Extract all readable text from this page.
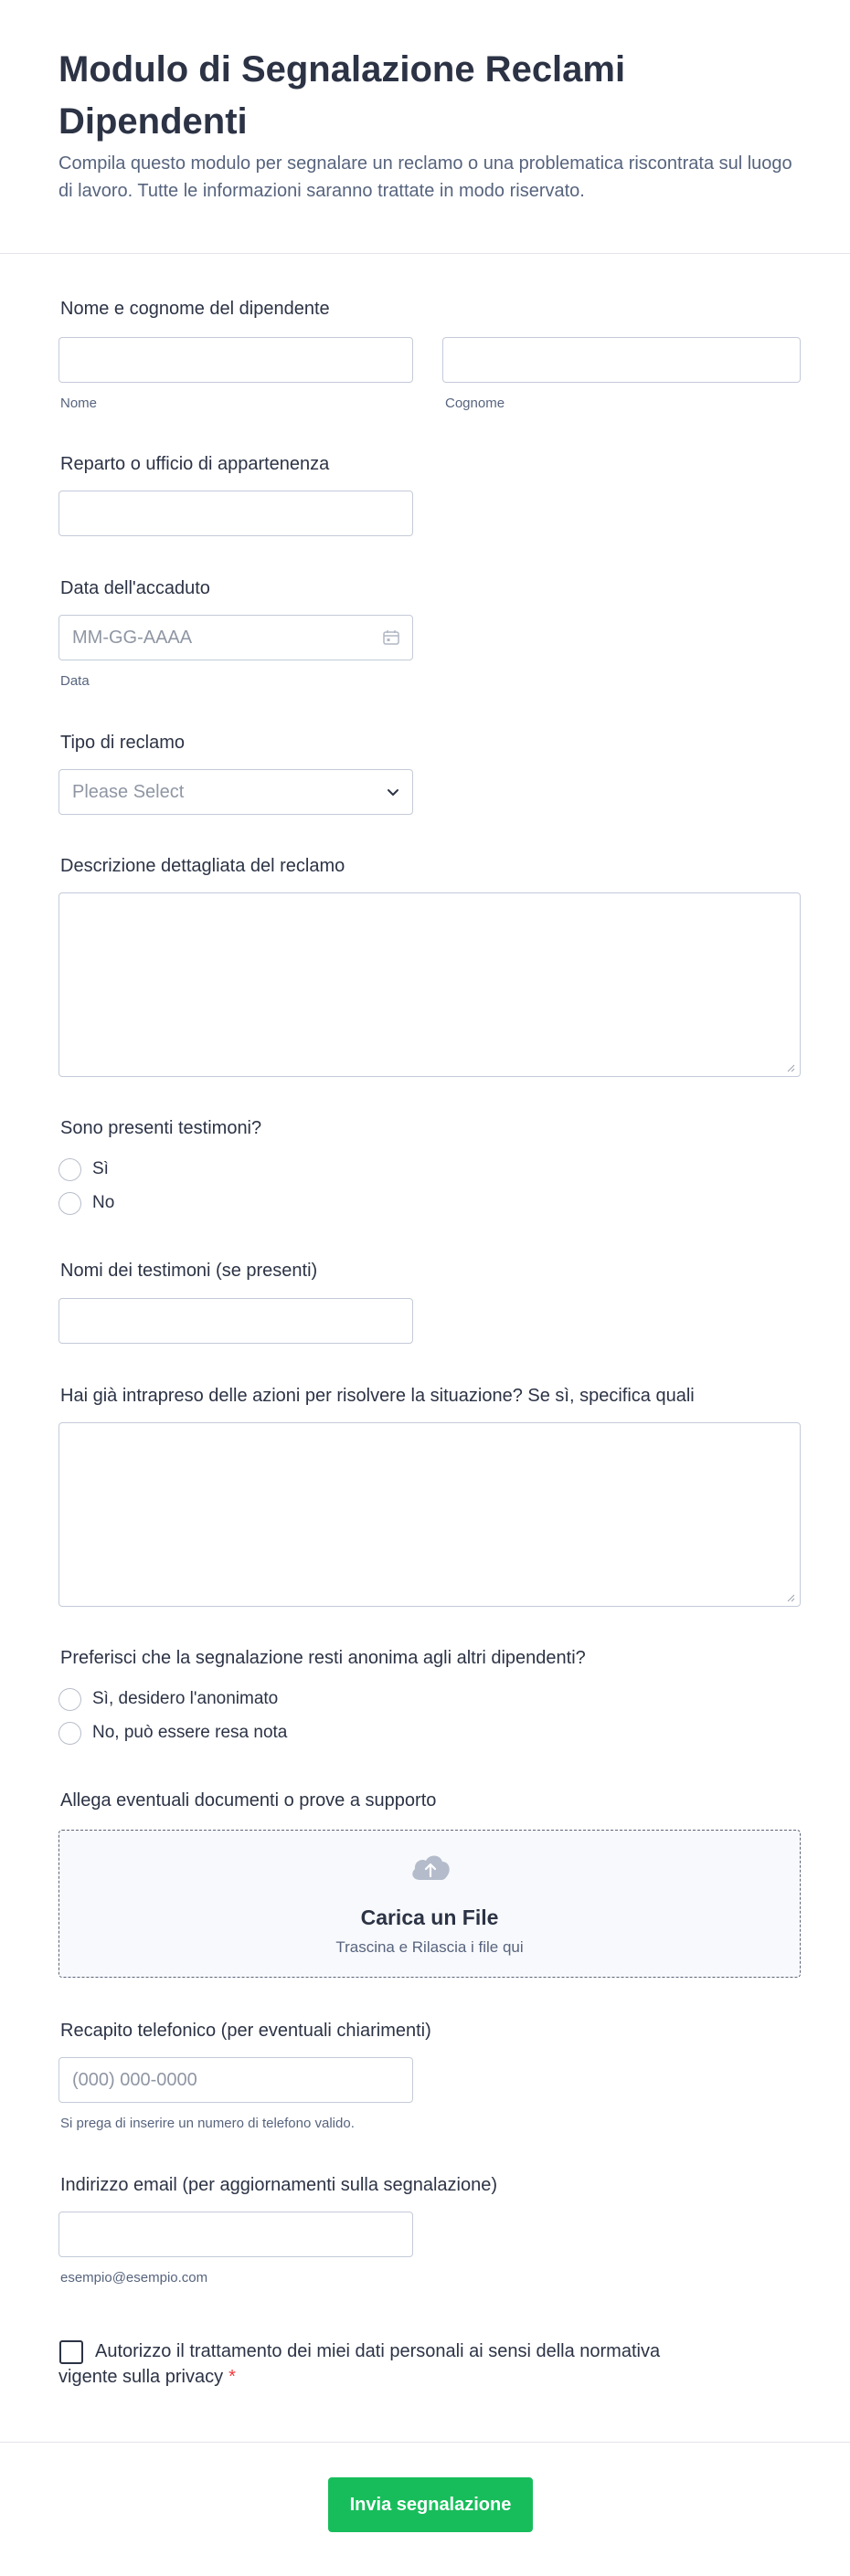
Modulo di Segnalazione Reclami Dipendenti

Compila questo modulo per segnalare un reclamo o una problematica riscontrata sul luogo di lavoro. Tutte le informazioni saranno trattate in modo riservato.

Nome e cognome del dipendente
Nome	Cognome
Reparto o ufficio di appartenenza
Data dell'accaduto
MM-GG-AAAA
Data
Tipo di reclamo
Please Select
Descrizione dettagliata del reclamo
Sono presenti testimoni?
Sì
No
Nomi dei testimoni (se presenti)
Hai già intrapreso delle azioni per risolvere la situazione? Se sì, specifica quali
Preferisci che la segnalazione resti anonima agli altri dipendenti?
Sì, desidero l'anonimato
No, può essere resa nota
Allega eventuali documenti o prove a supporto
Carica un File
Trascina e Rilascia i file qui
Recapito telefonico (per eventuali chiarimenti)
(000) 000-0000
Si prega di inserire un numero di telefono valido.
Indirizzo email (per aggiornamenti sulla segnalazione)
esempio@esempio.com
Autorizzo il trattamento dei miei dati personali ai sensi della normativa vigente sulla privacy *
Invia segnalazione
